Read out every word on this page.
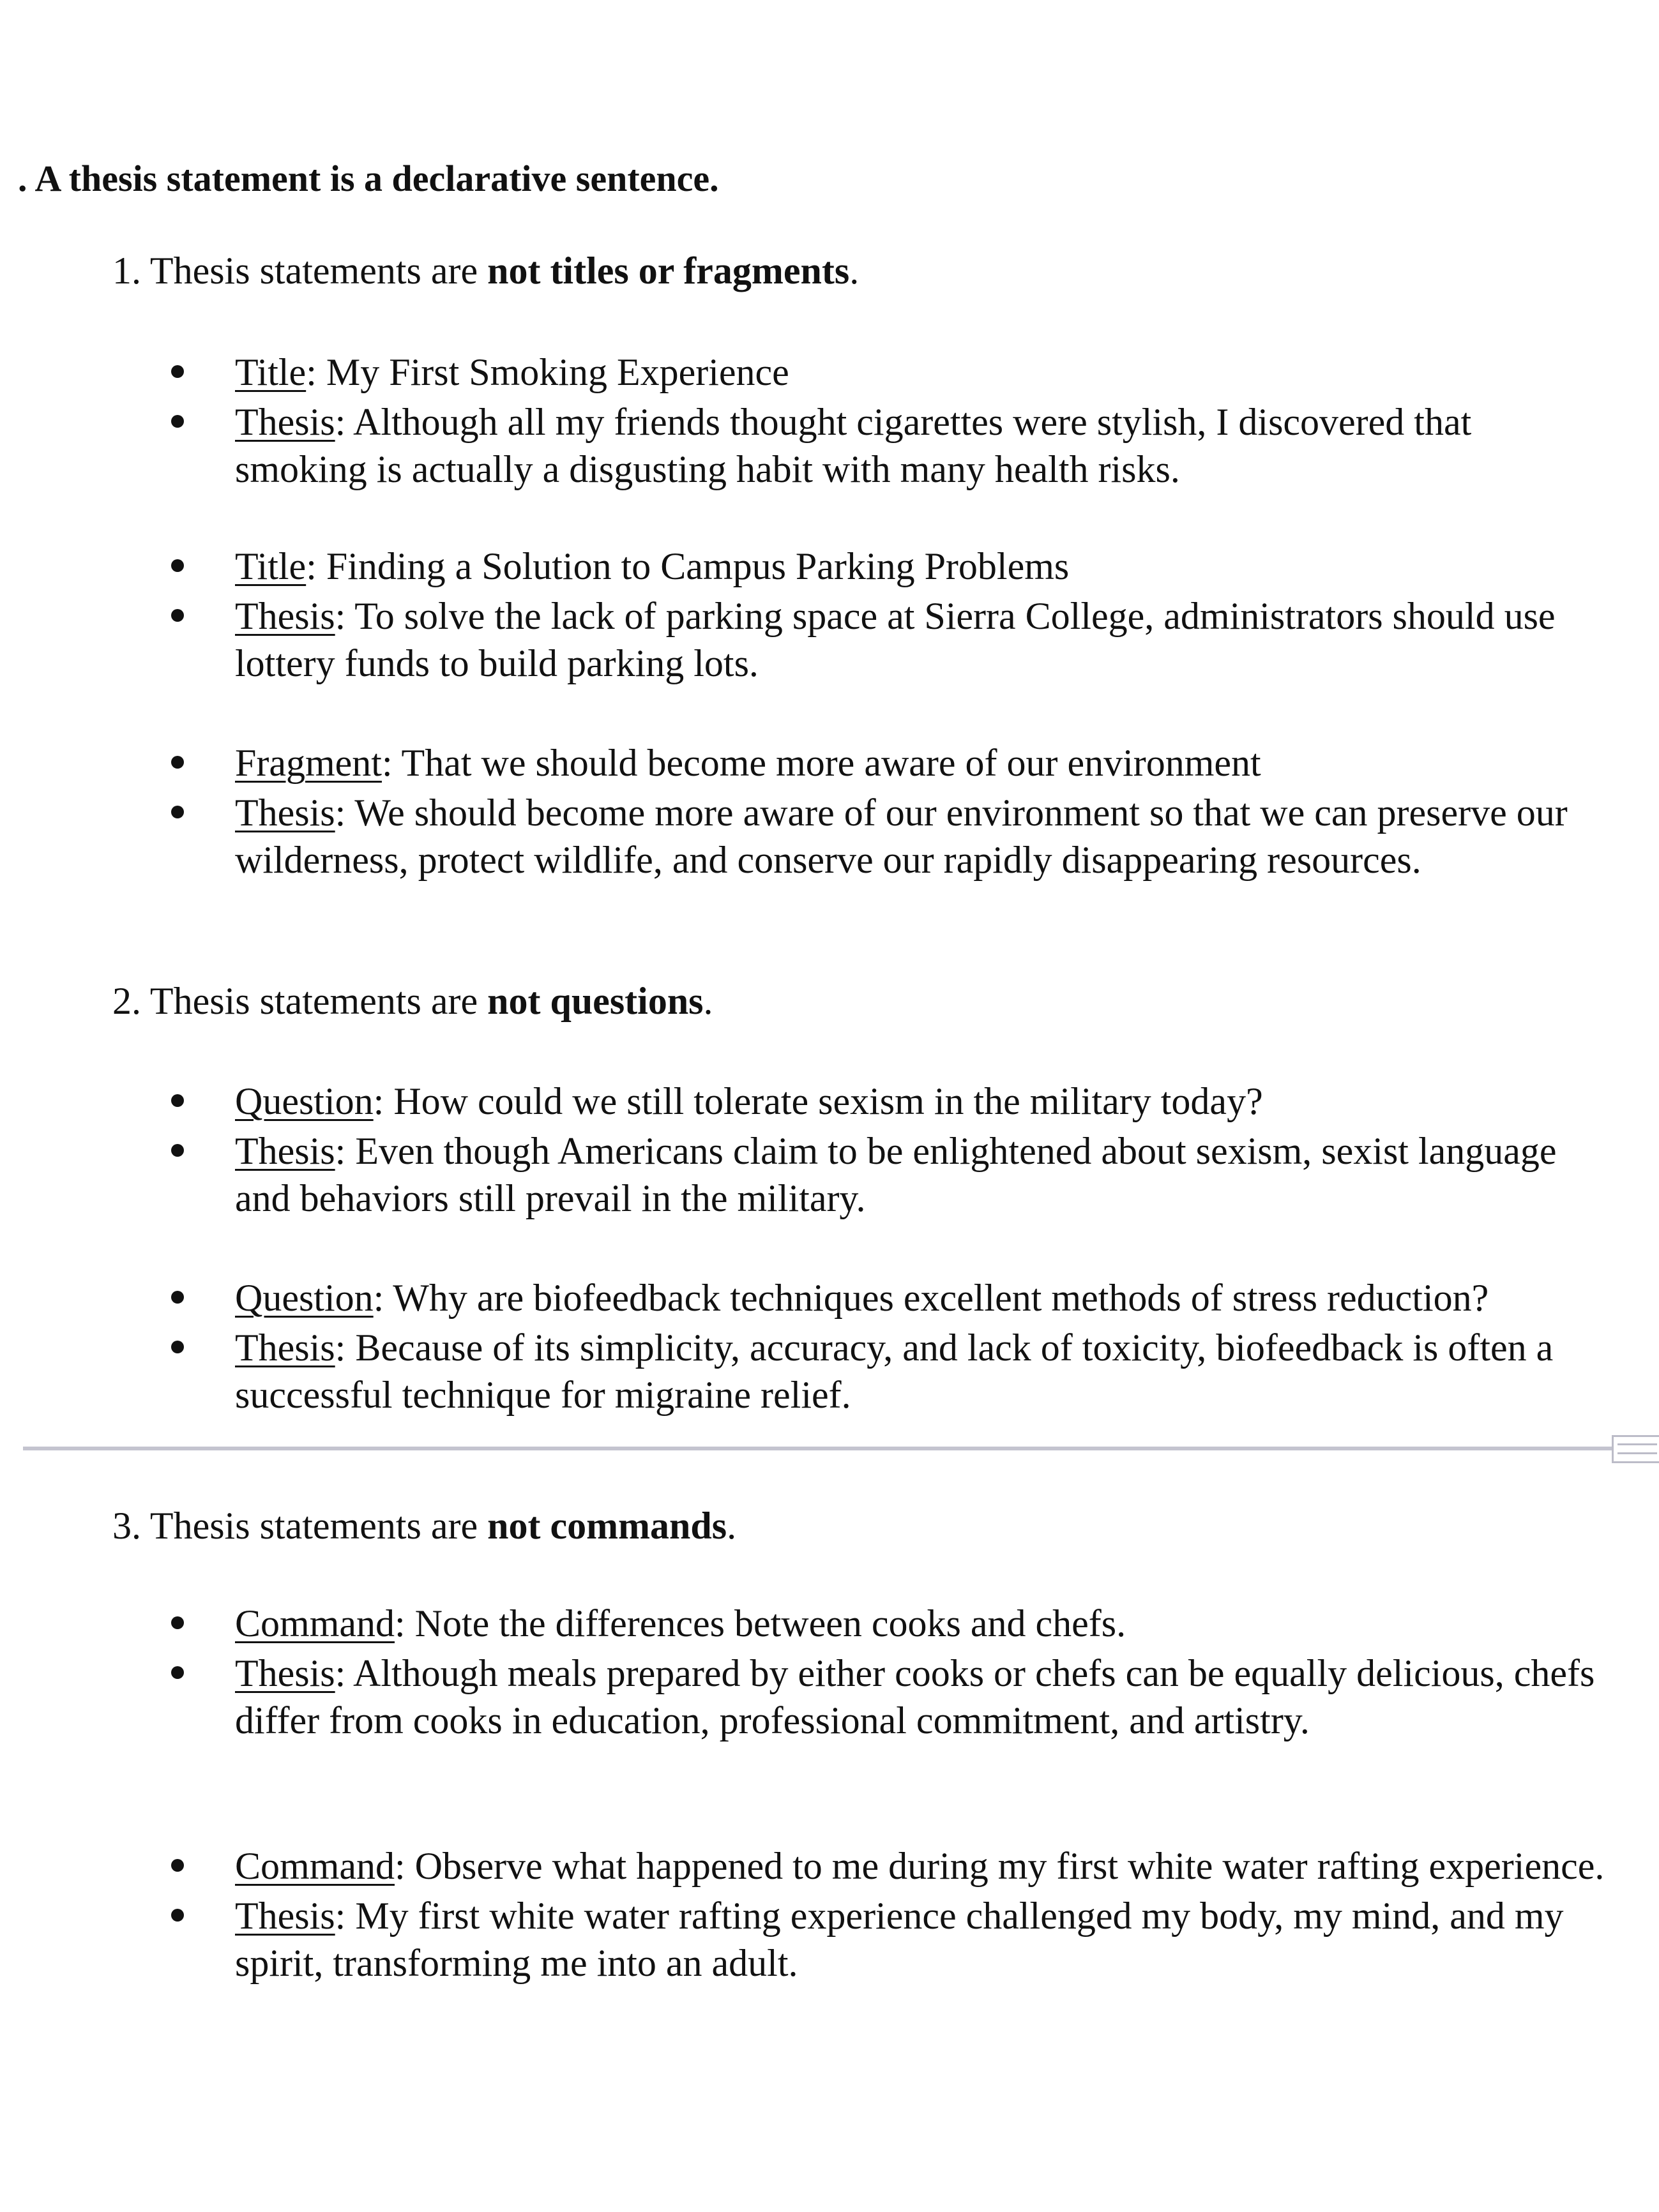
. A thesis statement is a declarative sentence.
1. Thesis statements are not titles or fragments.
Title: My First Smoking Experience
Thesis: Although all my friends thought cigarettes were stylish, I discovered that smoking is actually a disgusting habit with many health risks.
Title: Finding a Solution to Campus Parking Problems
Thesis: To solve the lack of parking space at Sierra College, administrators should use lottery funds to build parking lots.
Fragment: That we should become more aware of our environment
Thesis: We should become more aware of our environment so that we can preserve our wilderness, protect wildlife, and conserve our rapidly disappearing resources.
2. Thesis statements are not questions.
Question: How could we still tolerate sexism in the military today?
Thesis: Even though Americans claim to be enlightened about sexism, sexist language and behaviors still prevail in the military.
Question: Why are biofeedback techniques excellent methods of stress reduction?
Thesis: Because of its simplicity, accuracy, and lack of toxicity, biofeedback is often a successful technique for migraine relief.
3. Thesis statements are not commands.
Command: Note the differences between cooks and chefs.
Thesis: Although meals prepared by either cooks or chefs can be equally delicious, chefs differ from cooks in education, professional commitment, and artistry.
Command: Observe what happened to me during my first white water rafting experience.
Thesis: My first white water rafting experience challenged my body, my mind, and my spirit, transforming me into an adult.
